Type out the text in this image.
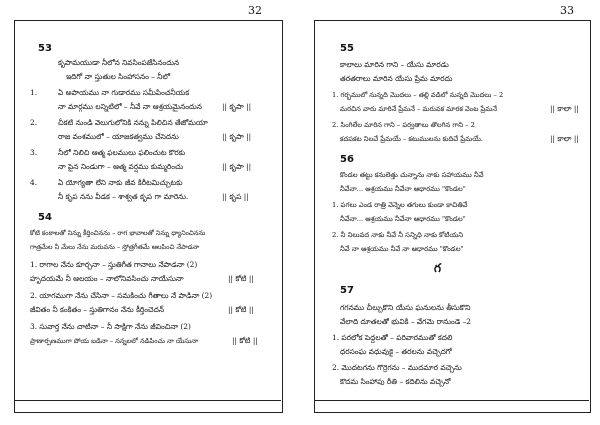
32
53
కృపామయుడా నీలోన నివసింపజేసినందున
ఇదిగో నా స్తుతుల సింహాసనం – నీలో
1.	ఏ అపాయము నా గుడారము సమీపించనీయక
నా మార్గము లన్నిటిలో – నీవే నా ఆశ్రయమైనందున	|| కృపా ||
2.	చీకటి నుండి వెలుగులోనికి నన్ను పిలిచిన తేజోమయా
రాజ వంశములో – యాజకత్వము చేసెదను	|| కృపా ||
3.	నీలో నిలిచి ఆత్మ ఫలములు ఫలించుట కొరకు
నా పైన నిండుగా – ఆత్మ వర్షము కుమ్మరించు	|| కృపా ||
4.	ఏ యోగ్యతా లేని నాకు జీవ కిరీటమిచ్చుటకు
నీ కృప నను వీడక – శాశ్వత కృప గా మారెను.	|| కృప ||
54
కోటి కంఠాలతో నిన్ను కీర్తించినను – రాగ భావాలతో నిన్ను ధ్యానించినను
గాత్రమేల నీ మేలు నేను మరువను – స్తోత్రగీతమే ఆలపించి నేపాడనా
1. రాగాల నేను కూర్చనా – స్తుతిగీత గానాలు నేపాడనా (2)
హృదయమే నీ ఆలయం – నాలోనివసించు నాయేసునా	|| కోటి ||
2. యాగముగా నేను చేసినా – సమకించు గీతాలు నే పాడినా (2)
జీవితం నీ కంకితం – స్తుతిగానం నేను కీర్తించెదన్	|| కోటి ||
3. సువార్త నేను చాటినా – నీ సాక్షిగా నేను జీవించినా (2)
ప్రాణార్పణముగా పోయ బడినా – నన్నలలో నడిపించు నా యేసునా	|| కోటి ||
33
55
కాలాలు మారిన గాని – యేసు మారడు
తరతరాలు మారిన యేసు ప్రేమ మారదు
1. గర్భములో నున్నది మొదలు – తల్లి వడిలో నున్నది మొదలు – 2
మరచిన వారు మారినే ప్రేమనే – మరువక మారక వెంట ప్రేమనే	|| కాలా ||
2. సింగిలేల మారిన గాని – పర్వతాలు తొలగిన గాని – 2
కదపకట నిలచే ప్రేమయే – కటుములను కుదిచే ప్రేమయే.	|| కాలా ||
56
కొండల తట్టు కనులెత్తు చున్నాను నాకు సహాయము నీవే
నీవేనా... ఆశ్రయము నీవేనా ఆధారము "కొండల"
1. పగలు ఎండ రాత్రి వెన్నెల తగులు కుండా కాచితివే
నీవేనా... ఆశ్రయము నీవేనా ఆధారము "కొండల"
2. నీ నిలువద నాకు నీవే నీ సన్నిధి నాకు కోటియని
నీవే నా ఆశ్రయము నీవే నా ఆధారము "కొండల"
గ
57
గగనము చీల్చుకొని యేసు ఘనులను తీసుకొని
వేలాది దూతలతో భువికి – వేగమె రానుండె –2
1. పరలోక పెద్దలతో – పరివారముతో కదలి
ధరసంఘ వధువుకై – తరలను వచ్చెదగో
2. మొదటగను గొర్రెగను – ముదమార వచ్చెను
కొదమ సింహాపు రీతి – కదిలిను వచ్చెనో
